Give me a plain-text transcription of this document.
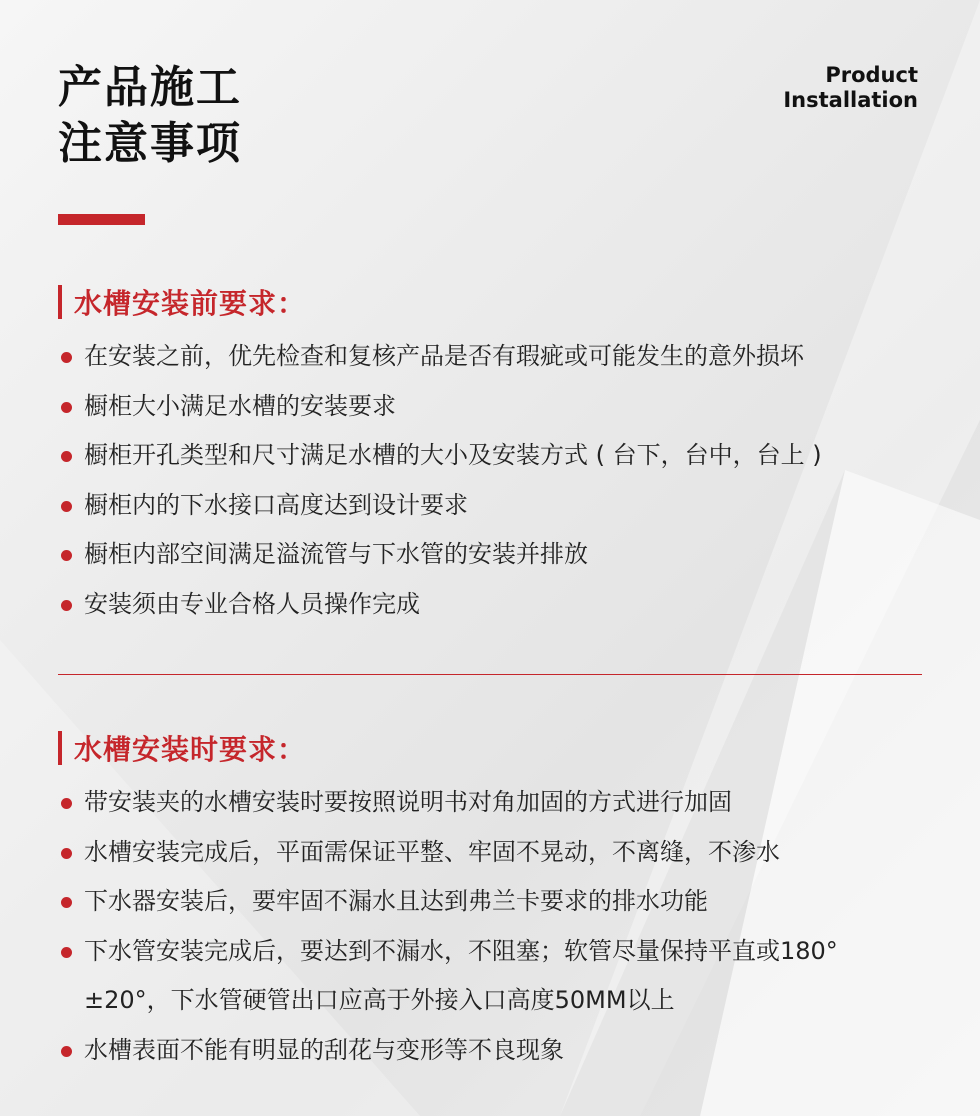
产品施工
注意事项
Product
Installation
水槽安装前要求：
在安装之前，优先检查和复核产品是否有瑕疵或可能发生的意外损坏
橱柜大小满足水槽的安装要求
橱柜开孔类型和尺寸满足水槽的大小及安装方式 ( 台下，台中，台上 )
橱柜内的下水接口高度达到设计要求
橱柜内部空间满足溢流管与下水管的安装并排放
安装须由专业合格人员操作完成
水槽安装时要求：
带安装夹的水槽安装时要按照说明书对角加固的方式进行加固
水槽安装完成后，平面需保证平整、牢固不晃动，不离缝，不渗水
下水器安装后，要牢固不漏水且达到弗兰卡要求的排水功能
下水管安装完成后，要达到不漏水，不阻塞；软管尽量保持平直或180°±20°，下水管硬管出口应高于外接入口高度50MM以上
水槽表面不能有明显的刮花与变形等不良现象
